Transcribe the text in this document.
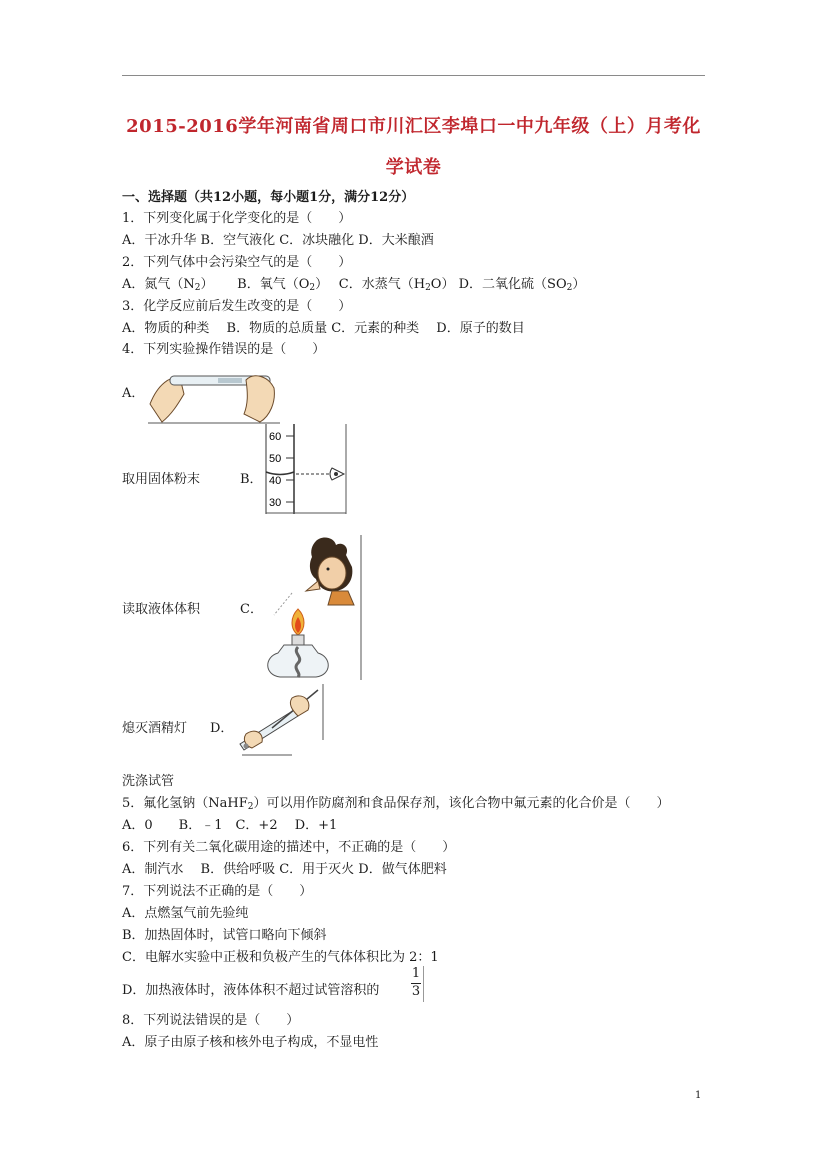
2015-2016学年河南省周口市川汇区李埠口一中九年级（上）月考化
学试卷
一、选择题（共12小题，每小题1分，满分12分）
1．下列变化属于化学变化的是（　　）
A．干冰升华 B．空气液化 C．冰块融化 D．大米酿酒
2．下列气体中会污染空气的是（　　）
A．氮气$(N_2)$　　 B．氧气$(O_2)$　 C．水蒸气$(H_2O)$ D．二氧化硫$(SO_2)$
3．化学反应前后发生改变的是（　　）
A．物质的种类　 B．物质的总质量 C．元素的种类　 D．原子的数目
4．下列实验操作错误的是（　　）
A．
取用固体粉末	B．
60
50
40
30
读取液体体积	C．
熄灭酒精灯 D．
洗涤试管
5．氟化氢钠（NaHF$_2$）可以用作防腐剂和食品保存剂，该化合物中氟元素的化合价是（　　）
A．0　　B．﹣1　C．+2　 D．+1
6．下列有关二氧化碳用途的描述中，不正确的是（　　）
A．制汽水　 B．供给呼吸 C．用于灭火 D．做气体肥料
7．下列说法不正确的是（　　）
A．点燃氢气前先验纯
B．加热固体时，试管口略向下倾斜
C．电解水实验中正极和负极产生的气体体积比为 2：1
D．加热液体时，液体体积不超过试管溶积的
1
3
8．下列说法错误的是（　　）
A．原子由原子核和核外电子构成，不显电性
1
